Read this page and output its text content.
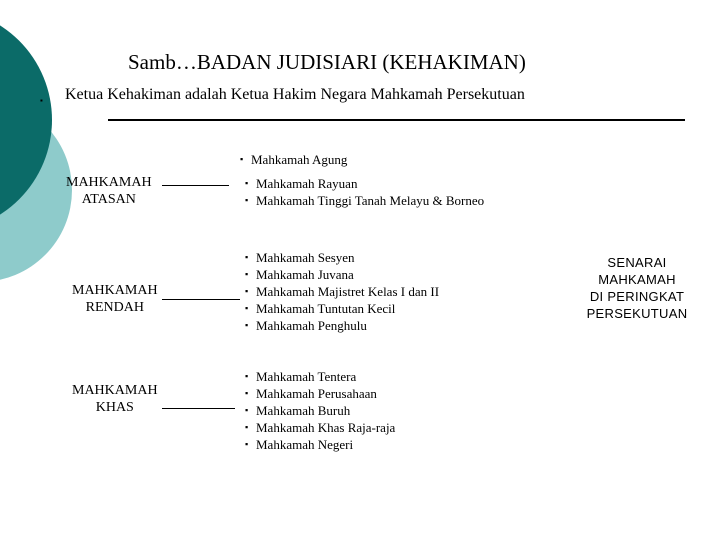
Samb…BADAN JUDISIARI (KEHAKIMAN)
▪ Ketua Kehakiman adalah Ketua Hakim Negara Mahkamah Persekutuan
▪ Mahkamah Agung
MAHKAMAH
ATASAN
▪ Mahkamah Rayuan
▪ Mahkamah Tinggi Tanah Melayu & Borneo
MAHKAMAH
RENDAH
▪ Mahkamah Sesyen
▪ Mahkamah Juvana
▪ Mahkamah Majistret Kelas I dan II
▪ Mahkamah Tuntutan Kecil
▪ Mahkamah Penghulu
MAHKAMAH
KHAS
▪ Mahkamah Tentera
▪ Mahkamah Perusahaan
▪ Mahkamah Buruh
▪ Mahkamah Khas Raja-raja
▪ Mahkamah Negeri
SENARAI
MAHKAMAH
DI PERINGKAT
PERSEKUTUAN
